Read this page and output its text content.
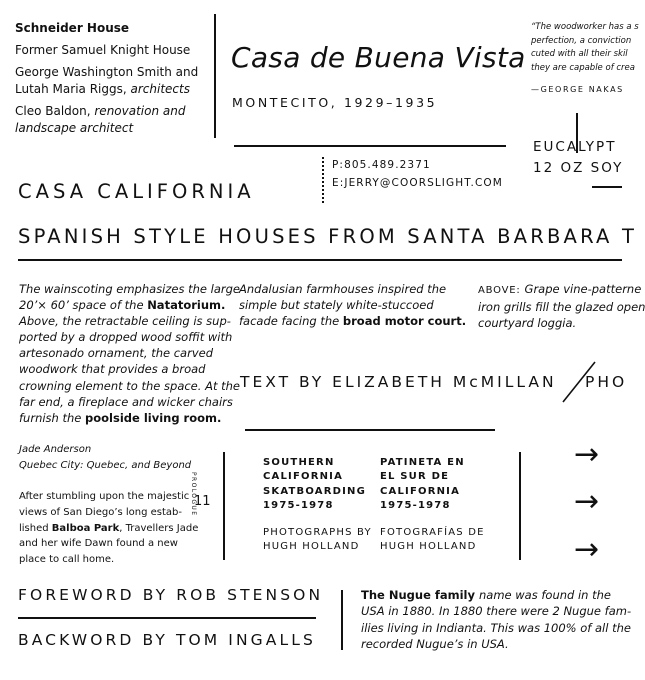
Schneider House
Former Samuel Knight House
George Washington Smith and
Lutah Maria Riggs, architects
Cleo Baldon, renovation and
landscape architect
Casa de Buena Vista
MONTECITO, 1929–1935
“The woodworker has a s
perfection, a conviction
cuted with all their skil
they are capable of crea
—GEORGE NAKAS
EUCALYPT
12 OZ SOY
P:805.489.2371
E:JERRY@COORSLIGHT.COM
CASA CALIFORNIA
SPANISH STYLE HOUSES FROM SANTA BARBARA T
The wainscoting emphasizes the large
20’× 60’ space of the Natatorium.
Above, the retractable ceiling is sup-
ported by a dropped wood soffit with
artesonado ornament, the carved
woodwork that provides a broad
crowning element to the space. At the
far end, a fireplace and wicker chairs
furnish the poolside living room.
Andalusian farmhouses inspired the
simple but stately white-stuccoed
facade facing the broad motor court.
ABOVE: Grape vine-patterne
iron grills fill the glazed open
courtyard loggia.
TEXT BY ELIZABETH McMILLAN PHO
Jade Anderson
Quebec City: Quebec, and Beyond
After stumbling upon the majestic
views of San Diego’s long estab-
lished Balboa Park, Travellers Jade
and her wife Dawn found a new
place to call home.
PROLOGUE
11
SOUTHERN
CALIFORNIA
SKATBOARDING
1975-1978
PHOTOGRAPHS BY
HUGH HOLLAND
PATINETA EN
EL SUR DE
CALIFORNIA
1975-1978
FOTOGRAFÍAS DE
HUGH HOLLAND
→
→
→
FOREWORD BY ROB STENSON
BACKWORD BY TOM INGALLS
The Nugue family name was found in the
USA in 1880. In 1880 there were 2 Nugue fam-
ilies living in Indianta. This was 100% of all the
recorded Nugue’s in USA.
